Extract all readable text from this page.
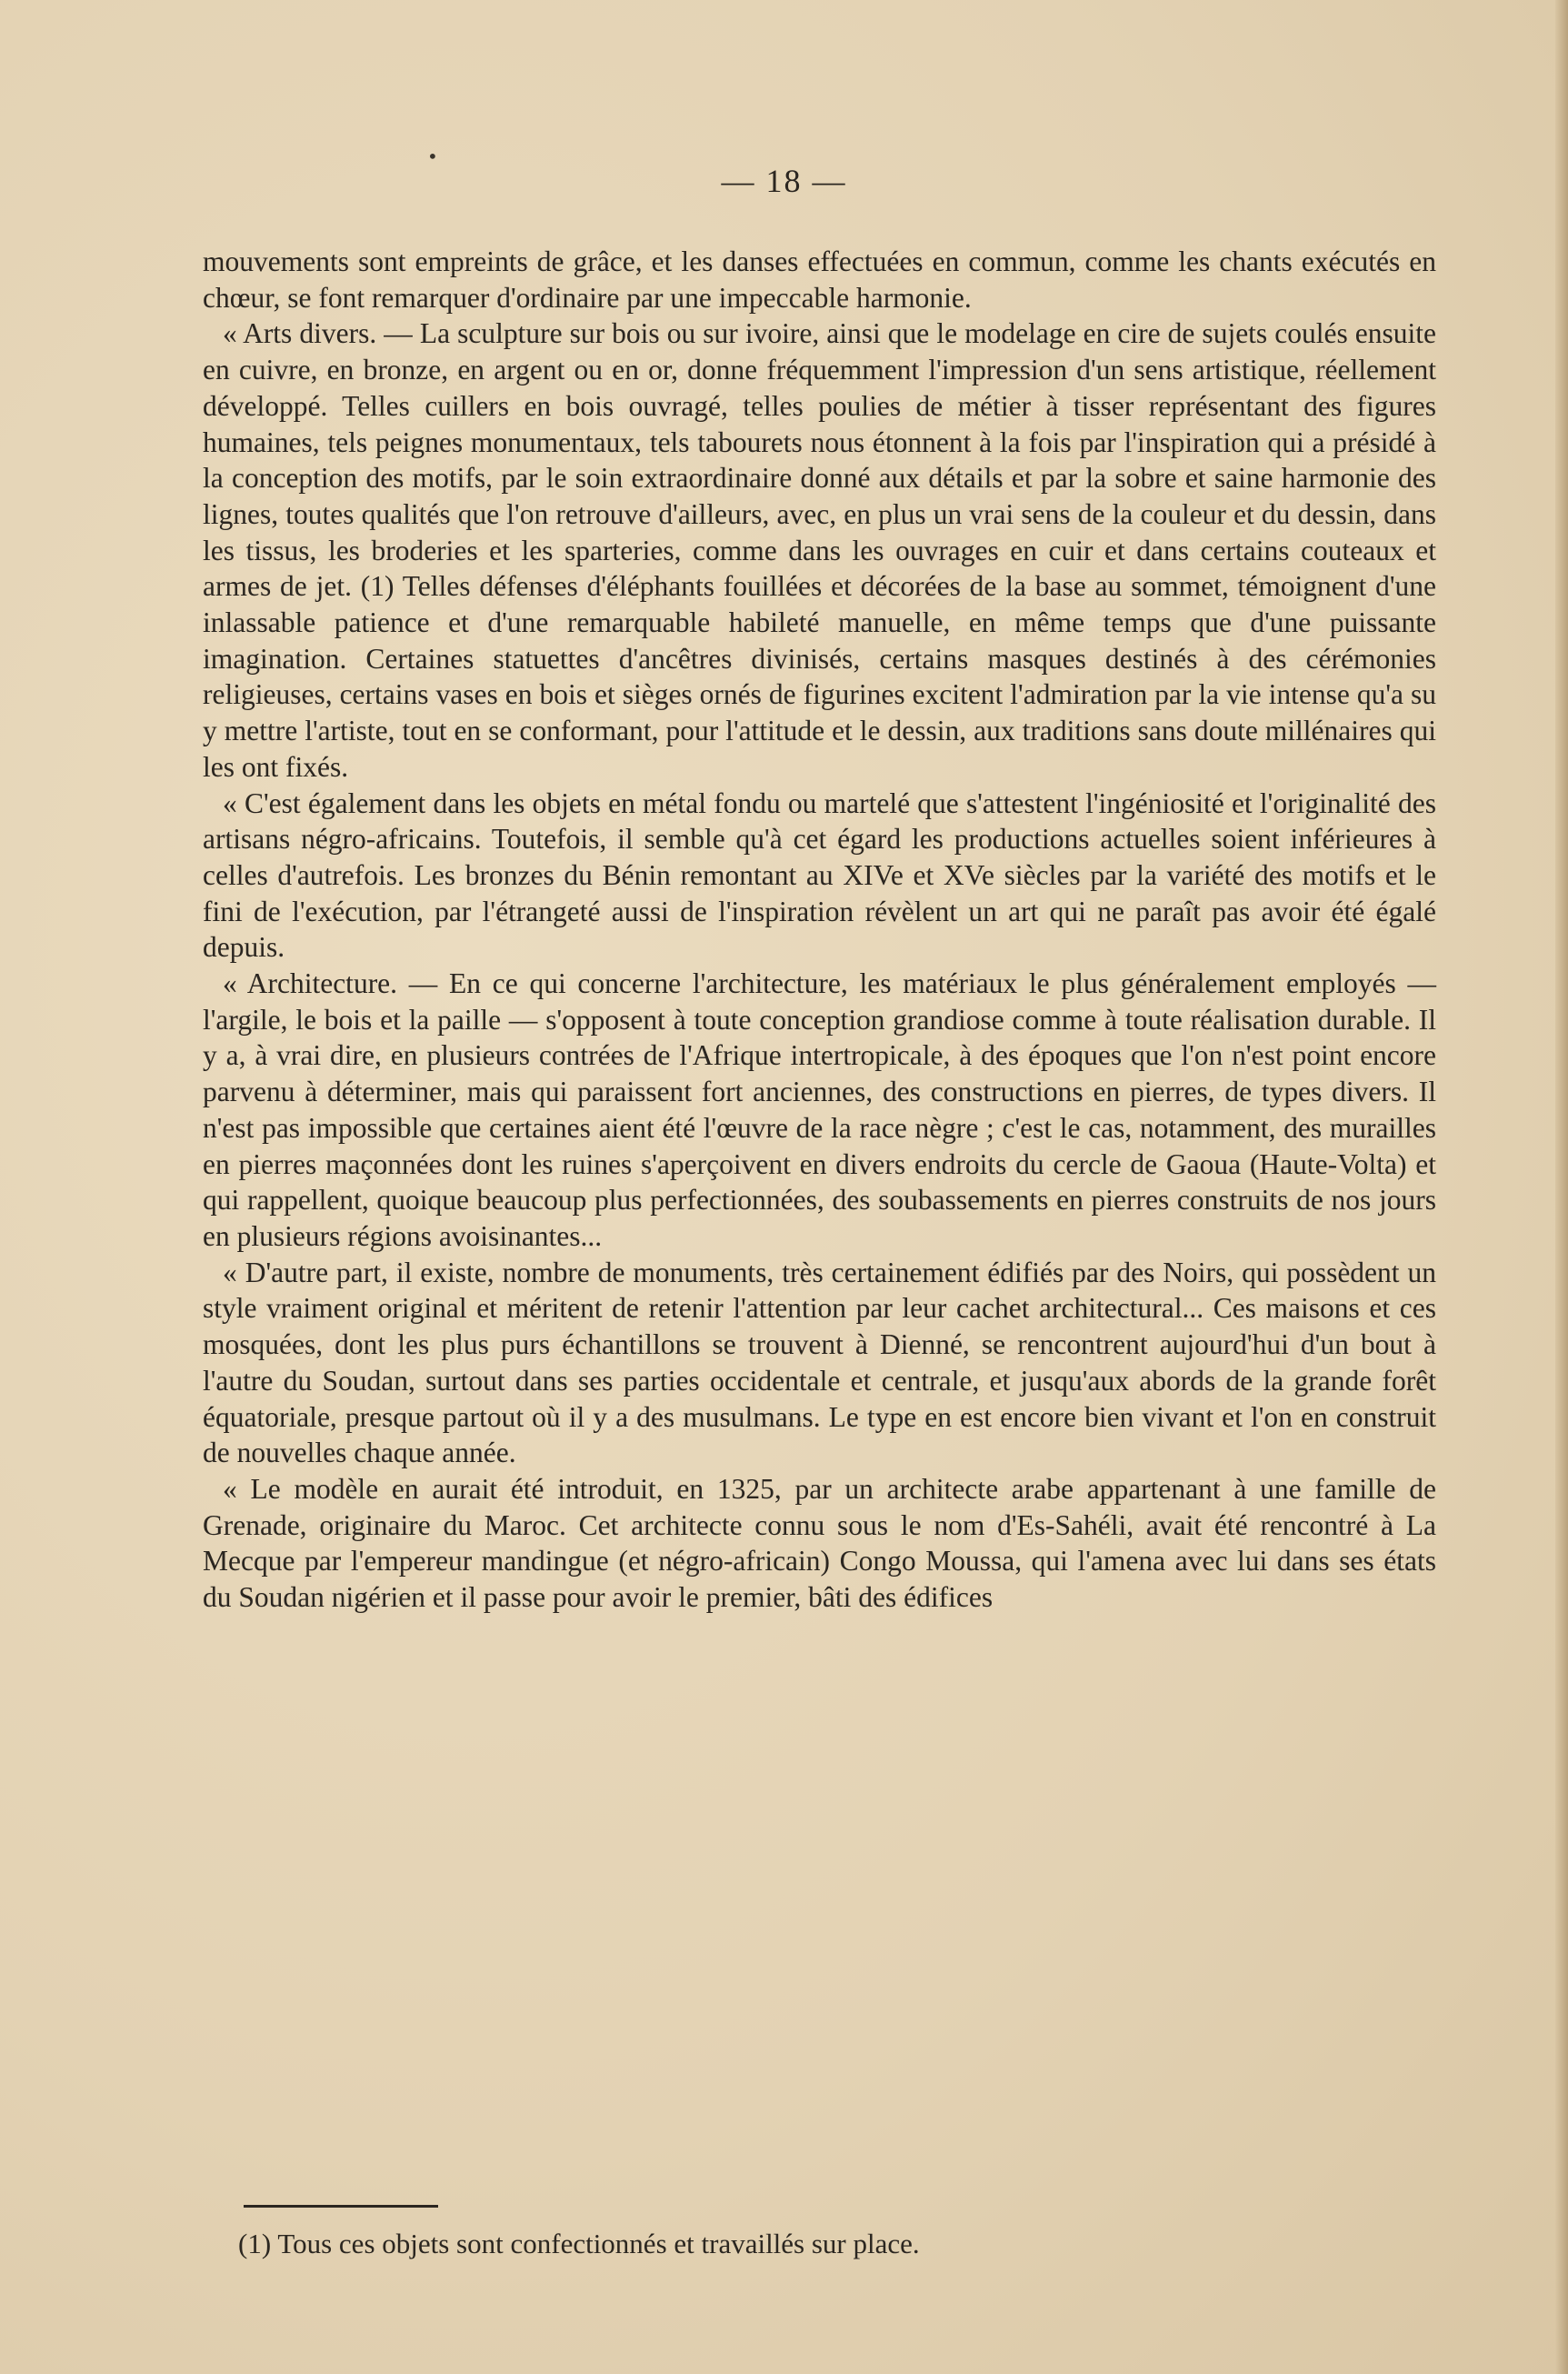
•
— 18 —

mouvements sont empreints de grâce, et les danses effectuées en commun, comme les chants exécutés en chœur, se font remarquer d'ordinaire par une impeccable harmonie.

« Arts divers. — La sculpture sur bois ou sur ivoire, ainsi que le modelage en cire de sujets coulés ensuite en cuivre, en bronze, en argent ou en or, donne fréquemment l'impression d'un sens artistique, réellement développé. Telles cuillers en bois ouvragé, telles poulies de métier à tisser représentant des figures humaines, tels peignes monumentaux, tels tabourets nous étonnent à la fois par l'inspiration qui a présidé à la conception des motifs, par le soin extraordinaire donné aux détails et par la sobre et saine harmonie des lignes, toutes qualités que l'on retrouve d'ailleurs, avec, en plus un vrai sens de la couleur et du dessin, dans les tissus, les broderies et les sparteries, comme dans les ouvrages en cuir et dans certains couteaux et armes de jet. (1) Telles défenses d'éléphants fouillées et décorées de la base au sommet, témoignent d'une inlassable patience et d'une remarquable habileté manuelle, en même temps que d'une puissante imagination. Certaines statuettes d'ancêtres divinisés, certains masques destinés à des cérémonies religieuses, certains vases en bois et sièges ornés de figurines excitent l'admiration par la vie intense qu'a su y mettre l'artiste, tout en se conformant, pour l'attitude et le dessin, aux traditions sans doute millénaires qui les ont fixés.

« C'est également dans les objets en métal fondu ou martelé que s'attestent l'ingéniosité et l'originalité des artisans négro-africains. Toutefois, il semble qu'à cet égard les productions actuelles soient inférieures à celles d'autrefois. Les bronzes du Bénin remontant au XIVe et XVe siècles par la variété des motifs et le fini de l'exécution, par l'étrangeté aussi de l'inspiration révèlent un art qui ne paraît pas avoir été égalé depuis.

« Architecture. — En ce qui concerne l'architecture, les matériaux le plus généralement employés — l'argile, le bois et la paille — s'opposent à toute conception grandiose comme à toute réalisation durable. Il y a, à vrai dire, en plusieurs contrées de l'Afrique intertropicale, à des époques que l'on n'est point encore parvenu à déterminer, mais qui paraissent fort anciennes, des constructions en pierres, de types divers. Il n'est pas impossible que certaines aient été l'œuvre de la race nègre ; c'est le cas, notamment, des murailles en pierres maçonnées dont les ruines s'aperçoivent en divers endroits du cercle de Gaoua (Haute-Volta) et qui rappellent, quoique beaucoup plus perfectionnées, des soubassements en pierres construits de nos jours en plusieurs régions avoisinantes...

« D'autre part, il existe, nombre de monuments, très certainement édifiés par des Noirs, qui possèdent un style vraiment original et méritent de retenir l'attention par leur cachet architectural... Ces maisons et ces mosquées, dont les plus purs échantillons se trouvent à Dienné, se rencontrent aujourd'hui d'un bout à l'autre du Soudan, surtout dans ses parties occidentale et centrale, et jusqu'aux abords de la grande forêt équatoriale, presque partout où il y a des musulmans. Le type en est encore bien vivant et l'on en construit de nouvelles chaque année.

« Le modèle en aurait été introduit, en 1325, par un architecte arabe appartenant à une famille de Grenade, originaire du Maroc. Cet architecte connu sous le nom d'Es-Sahéli, avait été rencontré à La Mecque par l'empereur mandingue (et négro-africain) Congo Moussa, qui l'amena avec lui dans ses états du Soudan nigérien et il passe pour avoir le premier, bâti des édifices

(1) Tous ces objets sont confectionnés et travaillés sur place.
